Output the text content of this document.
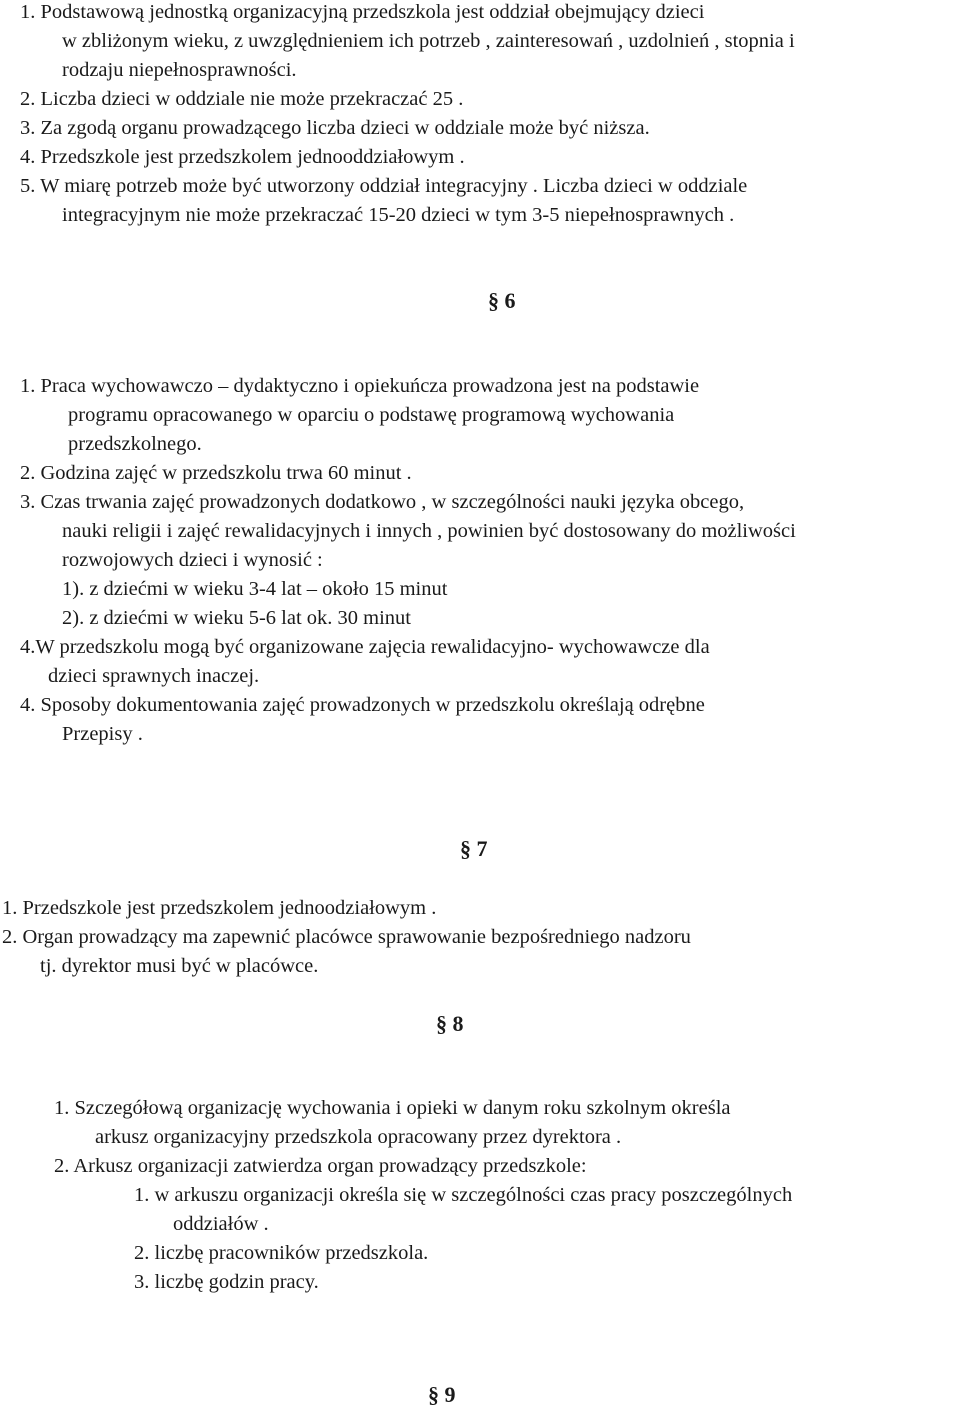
1. Podstawową jednostką organizacyjną przedszkola jest oddział obejmujący dzieci
w zbliżonym wieku, z uwzględnieniem ich potrzeb , zainteresowań , uzdolnień , stopnia i
rodzaju niepełnosprawności.
2. Liczba dzieci w oddziale nie może przekraczać 25 .
3. Za zgodą organu prowadzącego liczba dzieci w oddziale może być niższa.
4. Przedszkole jest przedszkolem jednooddziałowym .
5. W miarę potrzeb może być utworzony oddział integracyjny . Liczba dzieci w oddziale
integracyjnym nie może przekraczać 15-20 dzieci w tym 3-5 niepełnosprawnych .
§ 6
1. Praca wychowawczo – dydaktyczno i opiekuńcza prowadzona jest na podstawie
programu opracowanego w oparciu o podstawę programową wychowania
przedszkolnego.
2. Godzina zajęć w przedszkolu trwa 60 minut .
3. Czas trwania zajęć prowadzonych dodatkowo , w szczególności nauki języka obcego,
nauki religii i zajęć rewalidacyjnych i innych , powinien być dostosowany do możliwości
rozwojowych dzieci i wynosić :
1). z dziećmi w wieku 3-4 lat – około 15 minut
2). z dziećmi w wieku 5-6 lat ok. 30 minut
4.W przedszkolu mogą być organizowane zajęcia rewalidacyjno- wychowawcze dla
dzieci sprawnych inaczej.
4. Sposoby dokumentowania zajęć prowadzonych w przedszkolu określają odrębne
Przepisy .
§ 7
1. Przedszkole jest przedszkolem jednoodziałowym .
2. Organ prowadzący ma zapewnić placówce sprawowanie bezpośredniego nadzoru
tj. dyrektor musi być w placówce.
§ 8
1. Szczegółową organizację wychowania i opieki w danym roku szkolnym określa
arkusz organizacyjny przedszkola opracowany przez dyrektora .
2. Arkusz organizacji zatwierdza organ prowadzący przedszkole:
1. w arkuszu organizacji określa się w szczególności czas pracy poszczególnych
oddziałów .
2. liczbę pracowników przedszkola.
3. liczbę godzin pracy.
§ 9
